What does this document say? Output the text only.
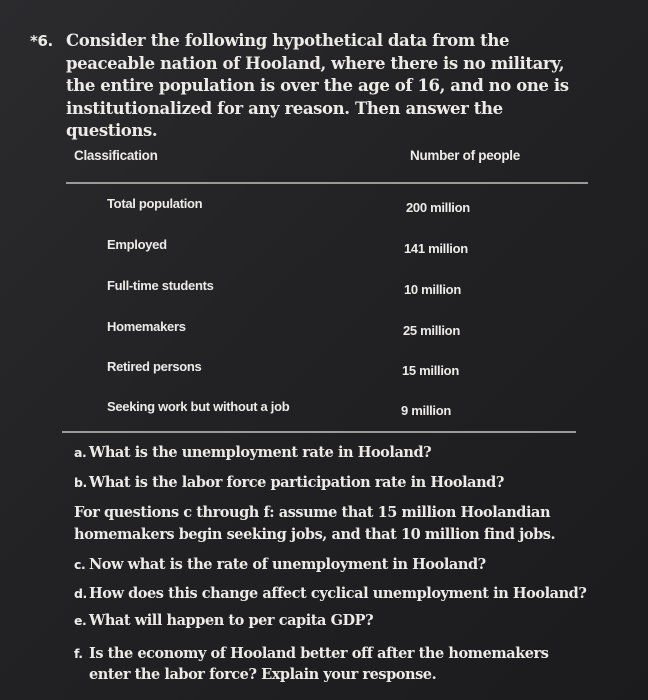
*6. Consider the following hypothetical data from the peaceable nation of Hooland, where there is no military, the entire population is over the age of 16, and no one is institutionalized for any reason. Then answer the questions.
Classification	Number of people
Total population	200 million
Employed	141 million
Full-time students	10 million
Homemakers	25 million
Retired persons	15 million
Seeking work but without a job	9 million
a. What is the unemployment rate in Hooland?
b. What is the labor force participation rate in Hooland?
For questions c through f: assume that 15 million Hoolandian homemakers begin seeking jobs, and that 10 million find jobs.
c. Now what is the rate of unemployment in Hooland?
d. How does this change affect cyclical unemployment in Hooland?
e. What will happen to per capita GDP?
f. Is the economy of Hooland better off after the homemakers enter the labor force? Explain your response.
